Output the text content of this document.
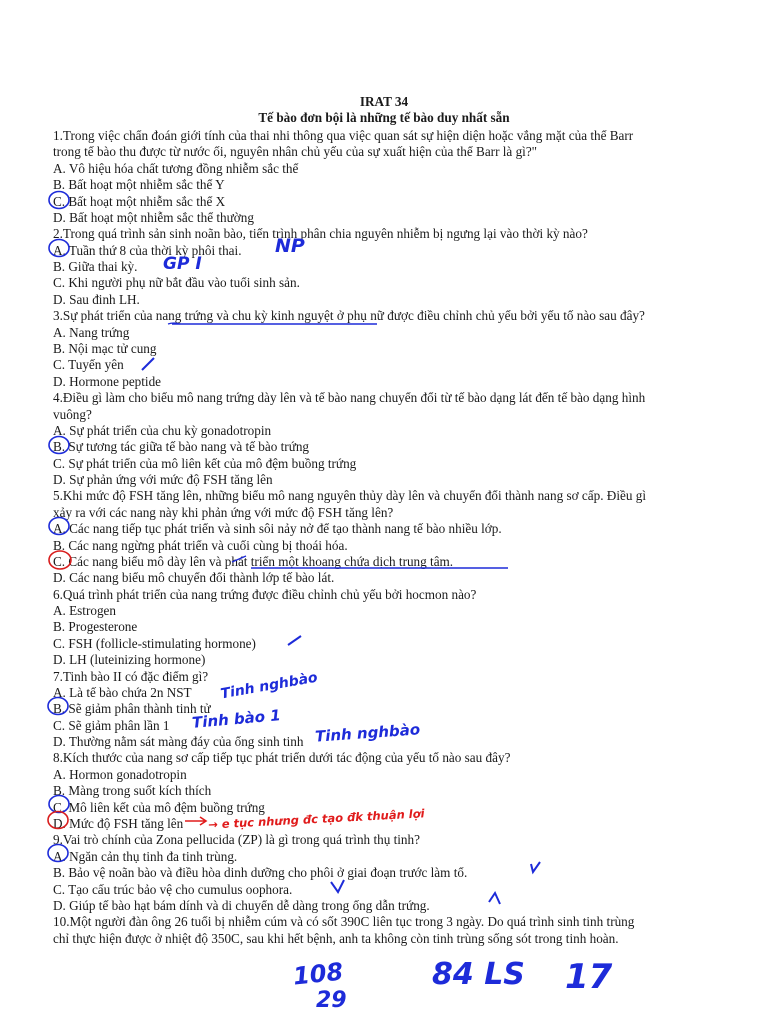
IRAT 34
Tế bào đơn bội là những tế bào duy nhất sẵn
1.Trong việc chẩn đoán giới tính của thai nhi thông qua việc quan sát sự hiện diện hoặc vắng mặt của thể Barr
trong tế bào thu được từ nước ối, nguyên nhân chủ yếu của sự xuất hiện của thể Barr là gì?"
A. Vô hiệu hóa chất tương đồng nhiễm sắc thể
B. Bất hoạt một nhiễm sắc thể Y
C. Bất hoạt một nhiễm sắc thể X
D. Bất hoạt một nhiễm sắc thể thường
2.Trong quá trình sản sinh noãn bào, tiến trình phân chia nguyên nhiễm bị ngưng lại vào thời kỳ nào?
A. Tuần thứ 8 của thời kỳ phôi thai.
B. Giữa thai kỳ.
C. Khi người phụ nữ bắt đầu vào tuổi sinh sản.
D. Sau đinh LH.
3.Sự phát triển của nang trứng và chu kỳ kinh nguyệt ở phụ nữ được điều chỉnh chủ yếu bởi yếu tố nào sau đây?
A. Nang trứng
B. Nội mạc tử cung
C. Tuyến yên
D. Hormone peptide
4.Điều gì làm cho biểu mô nang trứng dày lên và tế bào nang chuyển đổi từ tế bào dạng lát đến tế bào dạng hình
vuông?
A. Sự phát triển của chu kỳ gonadotropin
B. Sự tương tác giữa tế bào nang và tế bào trứng
C. Sự phát triển của mô liên kết của mô đệm buồng trứng
D. Sự phản ứng với mức độ FSH tăng lên
5.Khi mức độ FSH tăng lên, những biểu mô nang nguyên thủy dày lên và chuyển đổi thành nang sơ cấp. Điều gì
xảy ra với các nang này khi phản ứng với mức độ FSH tăng lên?
A. Các nang tiếp tục phát triển và sinh sôi nảy nở để tạo thành nang tế bào nhiều lớp.
B. Các nang ngừng phát triển và cuối cùng bị thoái hóa.
C. Các nang biểu mô dày lên và phát triển một khoang chứa dịch trung tâm.
D. Các nang biểu mô chuyển đổi thành lớp tế bào lát.
6.Quá trình phát triển của nang trứng được điều chỉnh chủ yếu bởi hocmon nào?
A. Estrogen
B. Progesterone
C. FSH (follicle-stimulating hormone)
D. LH (luteinizing hormone)
7.Tinh bào II có đặc điểm gì?
A. Là tế bào chứa 2n NST
B. Sẽ giảm phân thành tinh tử
C. Sẽ giảm phân lần 1
D. Thường nằm sát màng đáy của ống sinh tinh
8.Kích thước của nang sơ cấp tiếp tục phát triển dưới tác động của yếu tố nào sau đây?
A. Hormon gonadotropin
B. Màng trong suốt kích thích
C. Mô liên kết của mô đệm buồng trứng
D. Mức độ FSH tăng lên
9.Vai trò chính của Zona pellucida (ZP) là gì trong quá trình thụ tinh?
A. Ngăn cản thụ tinh đa tinh trùng.
B. Bảo vệ noãn bào và điều hòa dinh dưỡng cho phôi ở giai đoạn trước làm tổ.
C. Tạo cấu trúc bảo vệ cho cumulus oophora.
D. Giúp tế bào hạt bám dính và di chuyển dễ dàng trong ống dẫn trứng.
10.Một người đàn ông 26 tuổi bị nhiễm cúm và có sốt 390C liên tục trong 3 ngày. Do quá trình sinh tinh trùng
chỉ thực hiện được ở nhiệt độ 350C, sau khi hết bệnh, anh ta không còn tinh trùng sống sót trong tinh hoàn.
NP
GP I
Tinh nghbào
Tinh bào 1
Tinh nghbào
→ e tục nhưng đc tạo đk thuận lợi
108
29
84 LS 17
